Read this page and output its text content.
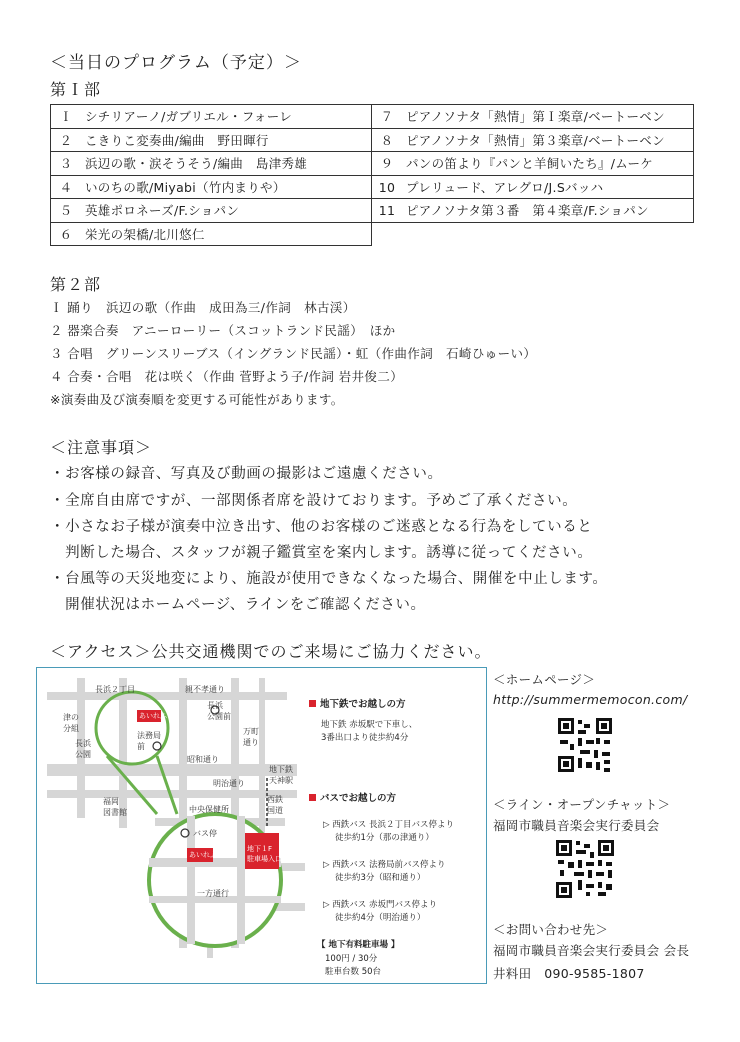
＜当日のプログラム（予定）＞
第Ｉ部
Ｉ シチリアーノ/ガブリエル・フォーレ	７ ピアノソナタ「熱情」第Ｉ楽章/ベートーベン
２ こきりこ変奏曲/編曲　野田暉行	８ ピアノソナタ「熱情」第３楽章/ベートーベン
３ 浜辺の歌・涙そうそう/編曲　島津秀雄	９ パンの笛より『パンと羊飼いたち』/ムーケ
４ いのちの歌/Miyabi（竹内まりや）	10 プレリュード、アレグロ/J.Sバッハ
５ 英雄ポロネーズ/F.ショパン	11 ピアノソナタ第３番　第４楽章/F.ショパン
６ 栄光の架橋/北川悠仁	
第２部
Ｉ 踊り　浜辺の歌（作曲　成田為三/作詞　林古渓）
２ 器楽合奏　アニーローリー（スコットランド民謡）　ほか
３ 合唱　グリーンスリーブス（イングランド民謡）・虹（作曲作詞　石崎ひゅーい）
４ 合奏・合唱　花は咲く（作曲 菅野よう子/作詞 岩井俊二）
※演奏曲及び演奏順を変更する可能性があります。
＜注意事項＞
・お客様の録音、写真及び動画の撮影はご遠慮ください。
・全席自由席ですが、一部関係者席を設けております。予めご了承ください。
・小さなお子様が演奏中泣き出す、他のお客様のご迷惑となる行為をしていると
　判断した場合、スタッフが親子鑑賞室を案内します。誘導に従ってください。
・台風等の天災地変により、施設が使用できなくなった場合、開催を中止します。
　開催状況はホームページ、ラインをご確認ください。
＜アクセス＞公共交通機関でのご来場にご協力ください。
長浜２丁目	親不孝通り
津の
分組
長浜
公園
あいれふ
法務局
前
長浜
公園前
福岡
図書館
昭和通り
明治通り
万町
通り
地下鉄
天神駅
西鉄
国道
中央保健所
バス停
あいれふ
地下１F
駐車場入口
一方通行
地下鉄でお越しの方
地下鉄 赤坂駅で下車し、
3番出口より徒歩約4分
バスでお越しの方
▷ 西鉄バス 長浜２丁目バス停より
徒歩約1分（那の津通り）
▷ 西鉄バス 法務局前バス停より
徒歩約3分（昭和通り）
▷ 西鉄バス 赤坂門バス停より
徒歩約4分（明治通り）
【 地下有料駐車場 】
100円 / 30分
駐車台数 50台
＜ホームページ＞
http://summermemocon.com/
＜ライン・オープンチャット＞
福岡市職員音楽会実行委員会
＜お問い合わせ先＞
福岡市職員音楽会実行委員会 会長
井料田　090-9585-1807
